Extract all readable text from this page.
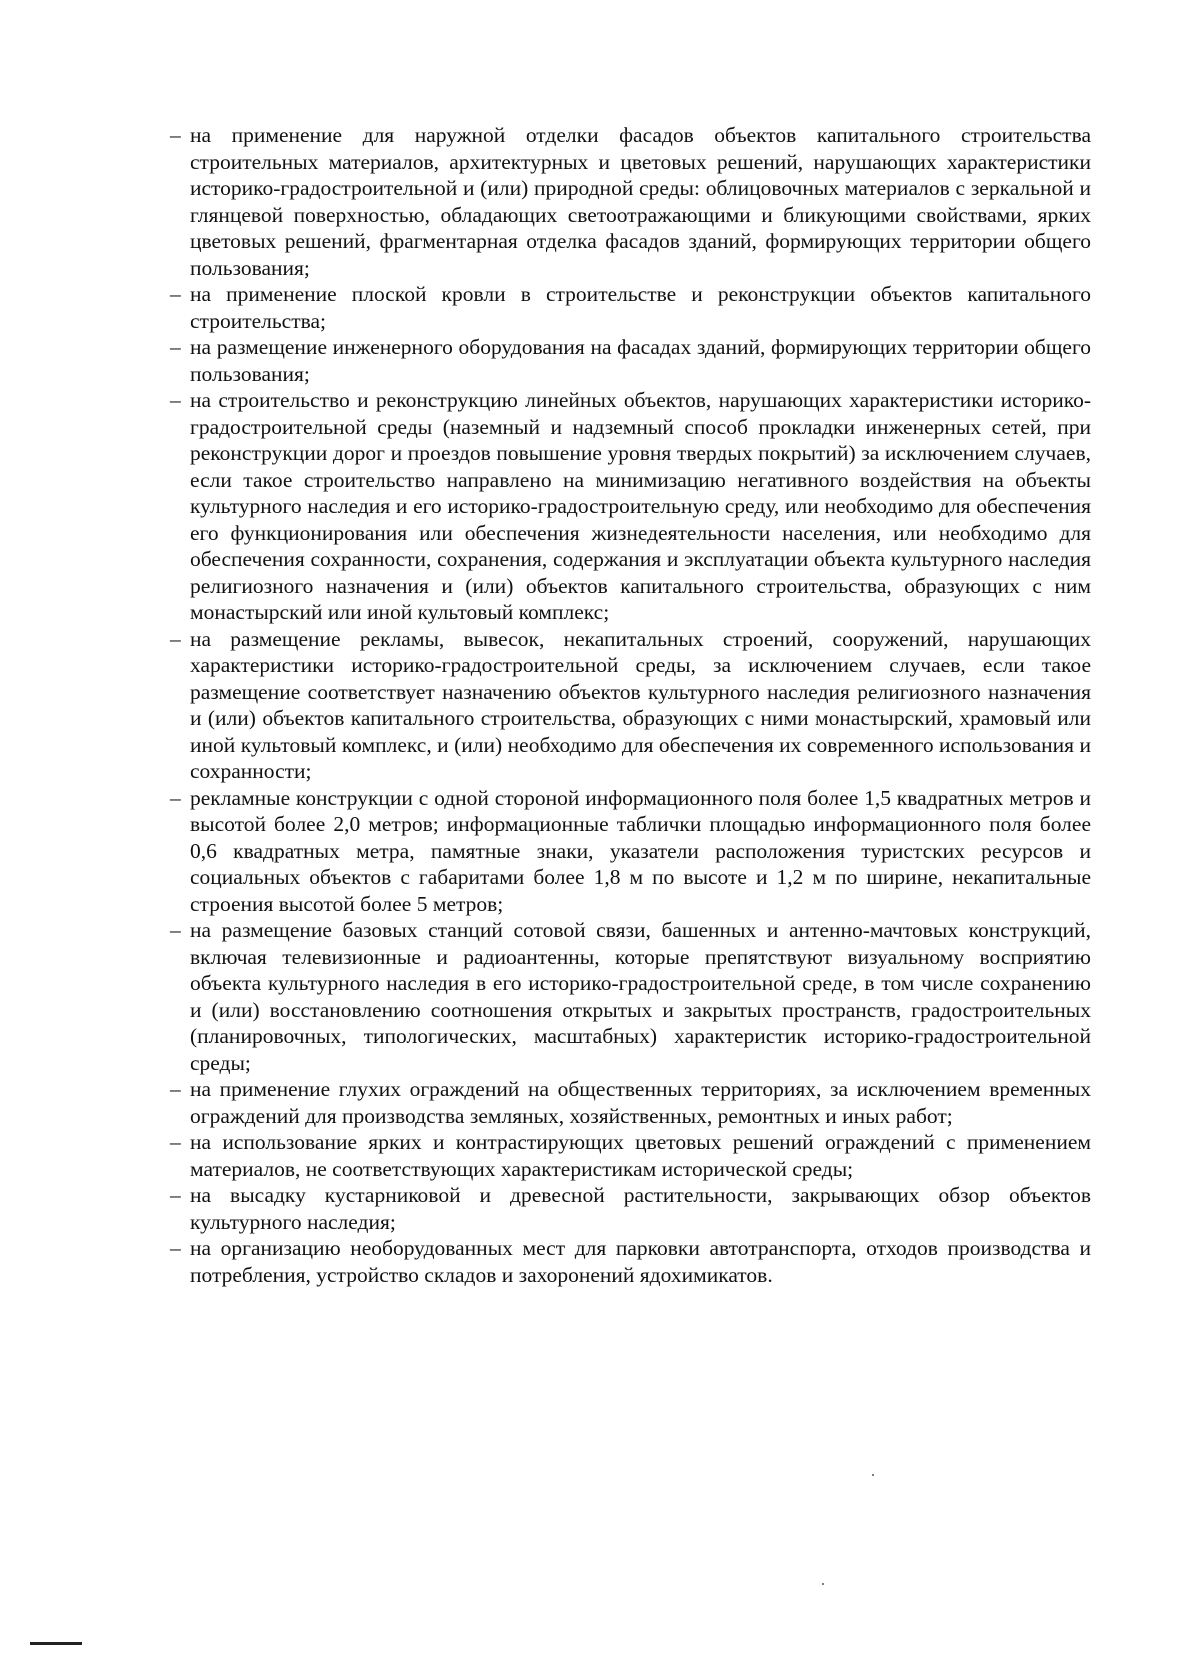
– на применение для наружной отделки фасадов объектов капитального строительства строительных материалов, архитектурных и цветовых решений, нарушающих характеристики историко-градостроительной и (или) природной среды: облицовочных материалов с зеркальной и глянцевой поверхностью, обладающих светоотражающими и бликующими свойствами, ярких цветовых решений, фрагментарная отделка фасадов зданий, формирующих территории общего пользования;
– на применение плоской кровли в строительстве и реконструкции объектов капитального строительства;
– на размещение инженерного оборудования на фасадах зданий, формирующих территории общего пользования;
– на строительство и реконструкцию линейных объектов, нарушающих характеристики историко-градостроительной среды (наземный и надземный способ прокладки инженерных сетей, при реконструкции дорог и проездов повышение уровня твердых покрытий) за исключением случаев, если такое строительство направлено на минимизацию негативного воздействия на объекты культурного наследия и его историко-градостроительную среду, или необходимо для обеспечения его функционирования или обеспечения жизнедеятельности населения, или необходимо для обеспечения сохранности, сохранения, содержания и эксплуатации объекта культурного наследия религиозного назначения и (или) объектов капитального строительства, образующих с ним монастырский или иной культовый комплекс;
– на размещение рекламы, вывесок, некапитальных строений, сооружений, нарушающих характеристики историко-градостроительной среды, за исключением случаев, если такое размещение соответствует назначению объектов культурного наследия религиозного назначения и (или) объектов капитального строительства, образующих с ними монастырский, храмовый или иной культовый комплекс, и (или) необходимо для обеспечения их современного использования и сохранности;
– рекламные конструкции с одной стороной информационного поля более 1,5 квадратных метров и высотой более 2,0 метров; информационные таблички площадью информационного поля более 0,6 квадратных метра, памятные знаки, указатели расположения туристских ресурсов и социальных объектов с габаритами более 1,8 м по высоте и 1,2 м по ширине, некапитальные строения высотой более 5 метров;
– на размещение базовых станций сотовой связи, башенных и антенно-мачтовых конструкций, включая телевизионные и радиоантенны, которые препятствуют визуальному восприятию объекта культурного наследия в его историко-градостроительной среде, в том числе сохранению и (или) восстановлению соотношения открытых и закрытых пространств, градостроительных (планировочных, типологических, масштабных) характеристик историко-градостроительной среды;
– на применение глухих ограждений на общественных территориях, за исключением временных ограждений для производства земляных, хозяйственных, ремонтных и иных работ;
– на использование ярких и контрастирующих цветовых решений ограждений с применением материалов, не соответствующих характеристикам исторической среды;
– на высадку кустарниковой и древесной растительности, закрывающих обзор объектов культурного наследия;
– на организацию необорудованных мест для парковки автотранспорта, отходов производства и потребления, устройство складов и захоронений ядохимикатов.
